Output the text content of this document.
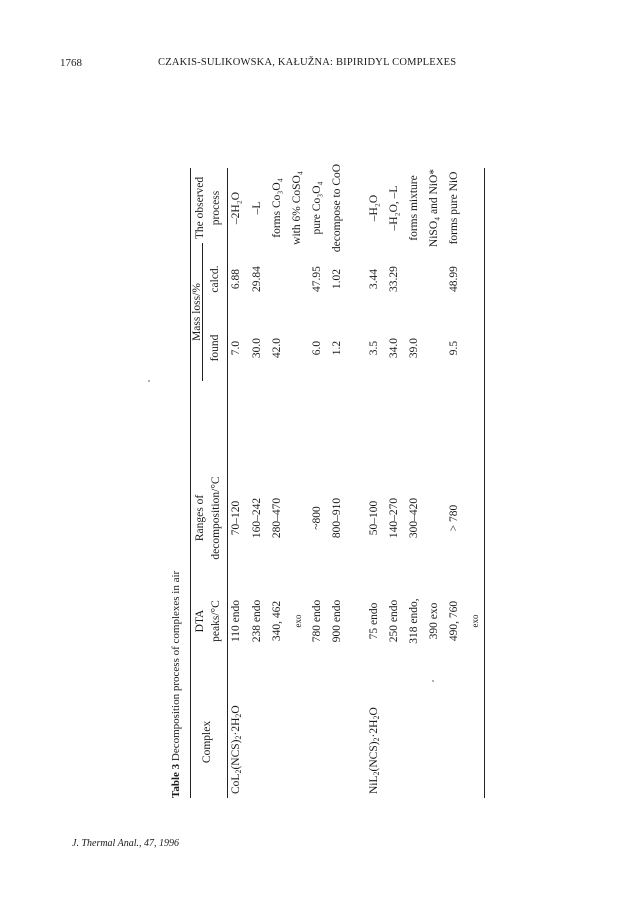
1768	CZAKIS-SULIKOWSKA, KAŁUŽNA: BIPIRIDYL COMPLEXES
Table 3 Decomposition process of complexes in air Complex
DTA peaks/°C
Ranges of decomposition/°C
Mass loss/%
found
calcd.
The observed process
$CoL_2(NCS)_2\cdot 2H_2O$
110 endo
70–120
7.0
6.88
–2H₂O
238 endo
160–242
30.0
29.84
–L
340, 462
280–470
42.0
forms Co₃O₄
exo
with 6% CoSO₄
780 endo
~800
6.0
47.95
pure Co₃O₄
900 endo
800–910
1.2
1.02
decompose to CoO
$NiL_2(NCS)_2\cdot 2H_2O$
75 endo
50–100
3.5
3.44
–H₂O
250 endo
140–270
34.0
33.29
–H₂O, –L
318 endo,
300–420
39.0
forms mixture
390 exo
NiSO₄ and NiO*
490, 760
> 780
9.5
48.99
forms pure NiO
exo
J. Thermal Anal., 47, 1996
